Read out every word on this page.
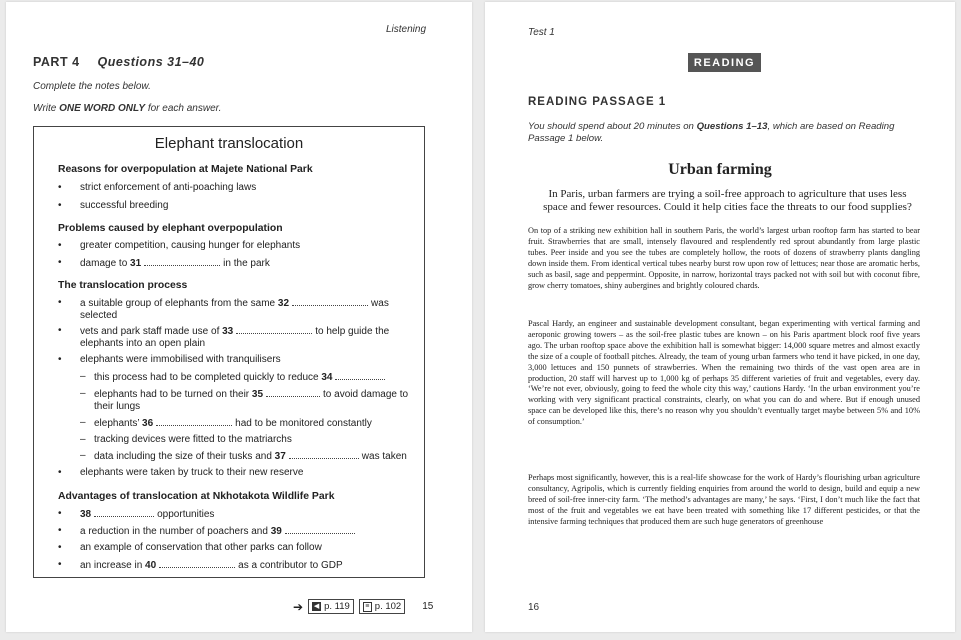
Listening
PART 4 Questions 31–40
Complete the notes below.
Write ONE WORD ONLY for each answer.
Elephant translocation
Reasons for overpopulation at Majete National Park
• strict enforcement of anti-poaching laws
• successful breeding
Problems caused by elephant overpopulation
• greater competition, causing hunger for elephants
• damage to 31	in the park
The translocation process
• a suitable group of elephants from the same 32	was selected
• vets and park staff made use of 33	to help guide the elephants into an open plain
• elephants were immobilised with tranquilisers
– this process had to be completed quickly to reduce 34
– elephants had to be turned on their 35	to avoid damage to their lungs
– elephants’ 36	had to be monitored constantly
– tracking devices were fitted to the matriarchs
– data including the size of their tusks and 37	was taken
• elephants were taken by truck to their new reserve
Advantages of translocation at Nkhotakota Wildlife Park
• 38	opportunities
• a reduction in the number of poachers and 39
• an example of conservation that other parks can follow
• an increase in 40	as a contributor to GDP
➔ ◀ p. 119	≡ p. 102 15
Test 1
READING
READING PASSAGE 1
You should spend about 20 minutes on Questions 1–13, which are based on Reading Passage 1 below.
Urban farming
In Paris, urban farmers are trying a soil-free approach to agriculture that uses less space and fewer resources. Could it help cities face the threats to our food supplies?
On top of a striking new exhibition hall in southern Paris, the world’s largest urban rooftop farm has started to bear fruit. Strawberries that are small, intensely flavoured and resplendently red sprout abundantly from large plastic tubes. Peer inside and you see the tubes are completely hollow, the roots of dozens of strawberry plants dangling down inside them. From identical vertical tubes nearby burst row upon row of lettuces; near those are aromatic herbs, such as basil, sage and peppermint. Opposite, in narrow, horizontal trays packed not with soil but with coconut fibre, grow cherry tomatoes, shiny aubergines and brightly coloured chards.
Pascal Hardy, an engineer and sustainable development consultant, began experimenting with vertical farming and aeroponic growing towers – as the soil-free plastic tubes are known – on his Paris apartment block roof five years ago. The urban rooftop space above the exhibition hall is somewhat bigger: 14,000 square metres and almost exactly the size of a couple of football pitches. Already, the team of young urban farmers who tend it have picked, in one day, 3,000 lettuces and 150 punnets of strawberries. When the remaining two thirds of the vast open area are in production, 20 staff will harvest up to 1,000 kg of perhaps 35 different varieties of fruit and vegetables, every day. ‘We’re not ever, obviously, going to feed the whole city this way,’ cautions Hardy. ‘In the urban environment you’re working with very significant practical constraints, clearly, on what you can do and where. But if enough unused space can be developed like this, there’s no reason why you shouldn’t eventually target maybe between 5% and 10% of consumption.’
Perhaps most significantly, however, this is a real-life showcase for the work of Hardy’s flourishing urban agriculture consultancy, Agripolis, which is currently fielding enquiries from around the world to design, build and equip a new breed of soil-free inner-city farm. ‘The method’s advantages are many,’ he says. ‘First, I don’t much like the fact that most of the fruit and vegetables we eat have been treated with something like 17 different pesticides, or that the intensive farming techniques that produced them are such huge generators of greenhouse
16
